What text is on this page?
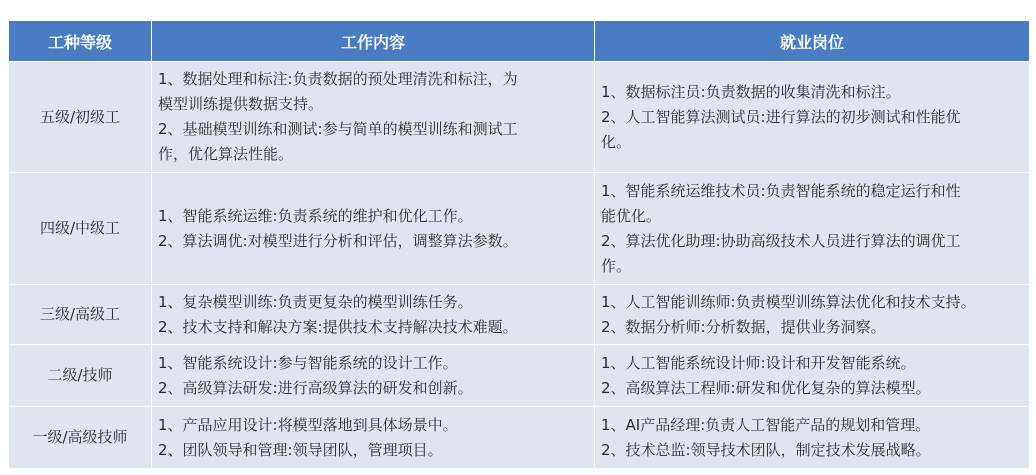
工种等级	工作内容	就业岗位
五级/初级工	1、数据处理和标注:负责数据的预处理清洗和标注，为
模型训练提供数据支持。
2、基础模型训练和测试:参与简单的模型训练和测试工
作，优化算法性能。	1、数据标注员:负责数据的收集清洗和标注。
2、人工智能算法测试员:进行算法的初步测试和性能优
化。
四级/中级工	1、智能系统运维:负责系统的维护和优化工作。
2、算法调优:对模型进行分析和评估，调整算法参数。	1、智能系统运维技术员:负责智能系统的稳定运行和性
能优化。
2、算法优化助理:协助高级技术人员进行算法的调优工
作。
三级/高级工	1、复杂模型训练:负责更复杂的模型训练任务。
2、技术支持和解决方案:提供技术支持解决技术难题。	1、人工智能训练师:负责模型训练算法优化和技术支持。
2、数据分析师:分析数据，提供业务洞察。
二级/技师	1、智能系统设计:参与智能系统的设计工作。
2、高级算法研发:进行高级算法的研发和创新。	1、人工智能系统设计师:设计和开发智能系统。
2、高级算法工程师:研发和优化复杂的算法模型。
一级/高级技师	1、产品应用设计:将模型落地到具体场景中。
2、团队领导和管理:领导团队，管理项目。	1、AI产品经理:负责人工智能产品的规划和管理。
2、技术总监:领导技术团队，制定技术发展战略。
